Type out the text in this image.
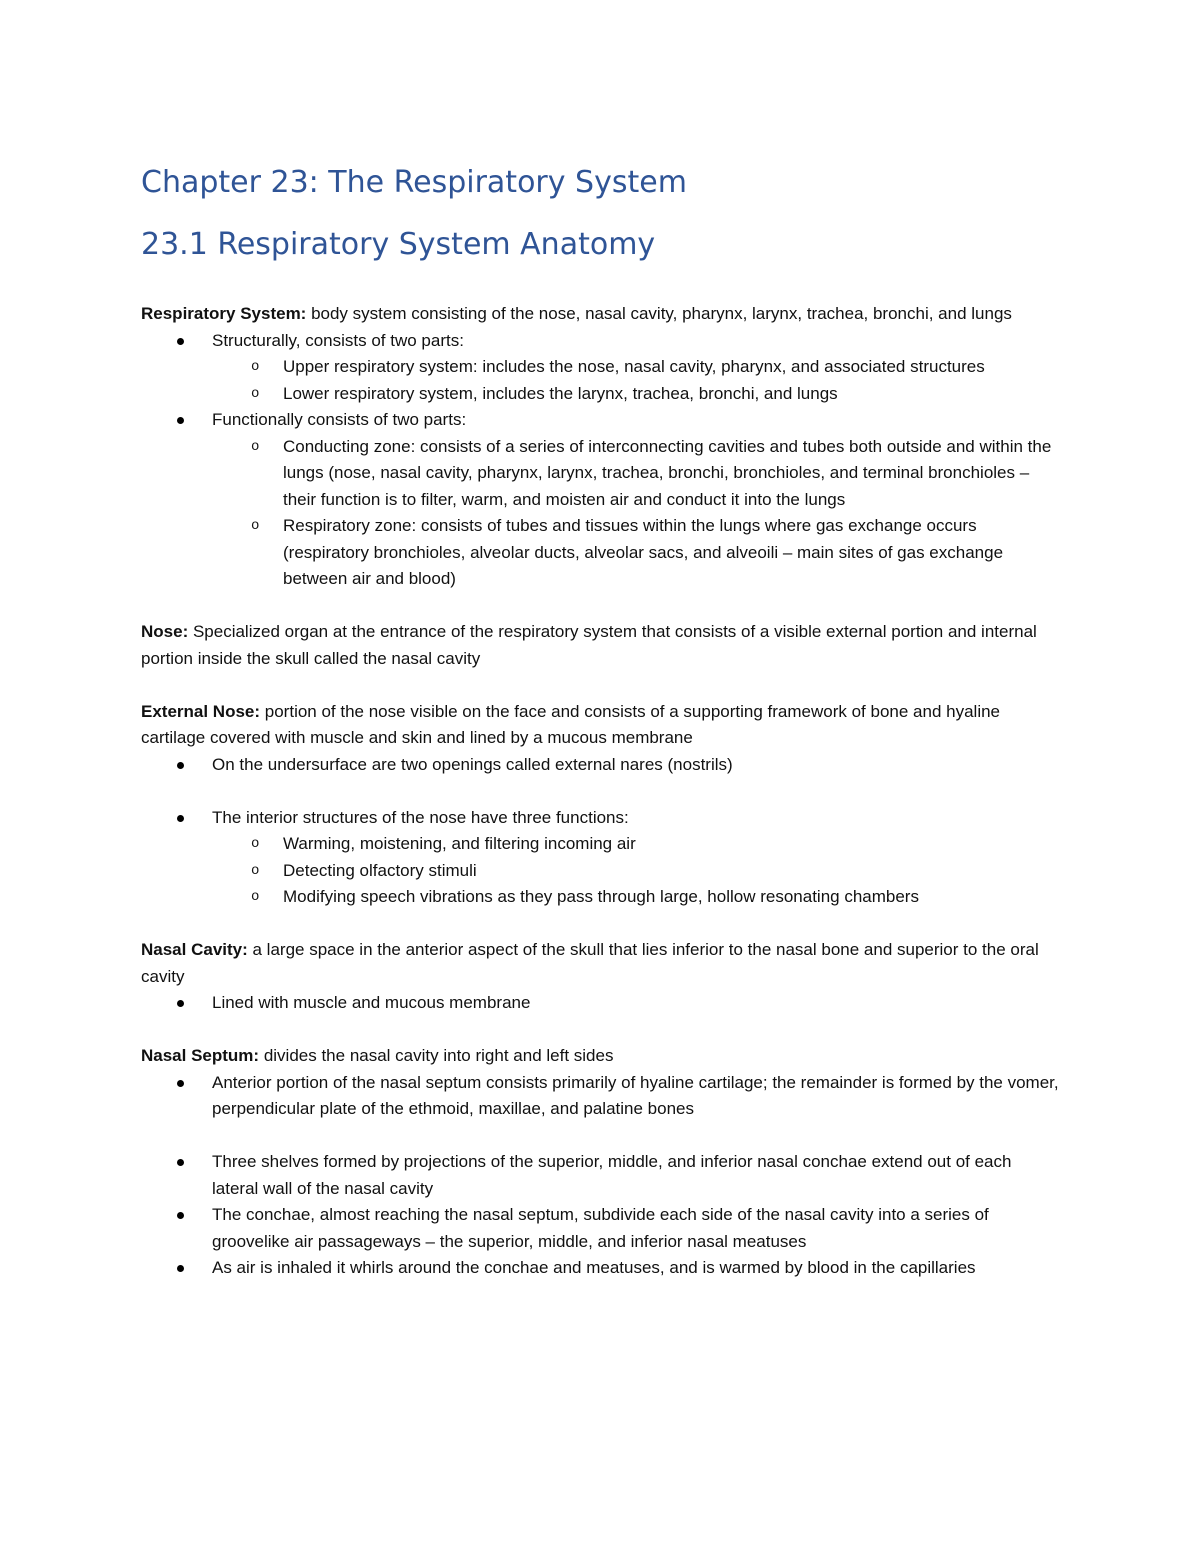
Chapter 23: The Respiratory System
23.1 Respiratory System Anatomy

Respiratory System: body system consisting of the nose, nasal cavity, pharynx, larynx, trachea, bronchi, and lungs

Structurally, consists of two parts:
o Upper respiratory system: includes the nose, nasal cavity, pharynx, and associated structures
o Lower respiratory system, includes the larynx, trachea, bronchi, and lungs
Functionally consists of two parts:
o Conducting zone: consists of a series of interconnecting cavities and tubes both outside and within the lungs (nose, nasal cavity, pharynx, larynx, trachea, bronchi, bronchioles, and terminal bronchioles – their function is to filter, warm, and moisten air and conduct it into the lungs
o Respiratory zone: consists of tubes and tissues within the lungs where gas exchange occurs (respiratory bronchioles, alveolar ducts, alveolar sacs, and alveoili – main sites of gas exchange between air and blood)

Nose: Specialized organ at the entrance of the respiratory system that consists of a visible external portion and internal portion inside the skull called the nasal cavity

External Nose: portion of the nose visible on the face and consists of a supporting framework of bone and hyaline cartilage covered with muscle and skin and lined by a mucous membrane

On the undersurface are two openings called external nares (nostrils)
The interior structures of the nose have three functions:
o Warming, moistening, and filtering incoming air
o Detecting olfactory stimuli
o Modifying speech vibrations as they pass through large, hollow resonating chambers

Nasal Cavity: a large space in the anterior aspect of the skull that lies inferior to the nasal bone and superior to the oral cavity

Lined with muscle and mucous membrane

Nasal Septum: divides the nasal cavity into right and left sides

Anterior portion of the nasal septum consists primarily of hyaline cartilage; the remainder is formed by the vomer, perpendicular plate of the ethmoid, maxillae, and palatine bones
Three shelves formed by projections of the superior, middle, and inferior nasal conchae extend out of each lateral wall of the nasal cavity
The conchae, almost reaching the nasal septum, subdivide each side of the nasal cavity into a series of groovelike air passageways – the superior, middle, and inferior nasal meatuses
As air is inhaled it whirls around the conchae and meatuses, and is warmed by blood in the capillaries
